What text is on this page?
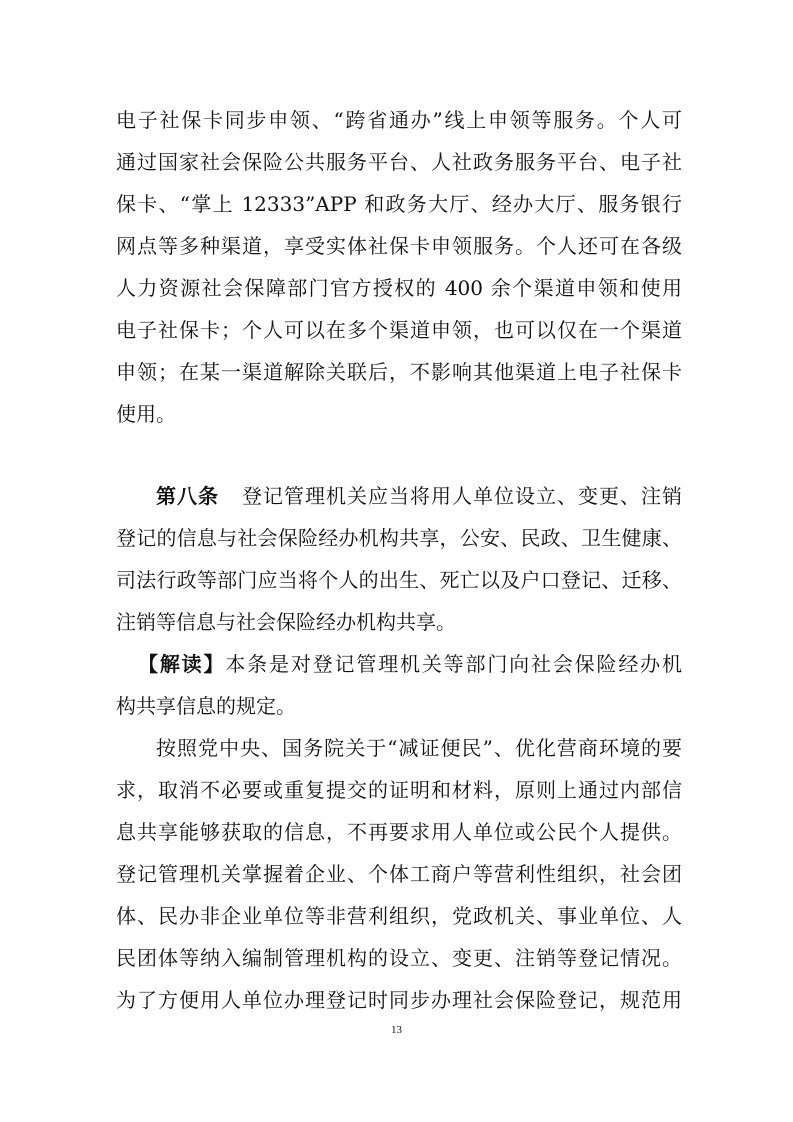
电子社保卡同步申领、“跨省通办”线上申领等服务。个人可
通过国家社会保险公共服务平台、人社政务服务平台、电子社
保卡、“掌上 12333”APP 和政务大厅、经办大厅、服务银行
网点等多种渠道，享受实体社保卡申领服务。个人还可在各级
人力资源社会保障部门官方授权的 400 余个渠道申领和使用
电子社保卡；个人可以在多个渠道申领，也可以仅在一个渠道
申领；在某一渠道解除关联后，不影响其他渠道上电子社保卡
使用。
第八条 登记管理机关应当将用人单位设立、变更、注销
登记的信息与社会保险经办机构共享，公安、民政、卫生健康、
司法行政等部门应当将个人的出生、死亡以及户口登记、迁移、
注销等信息与社会保险经办机构共享。
【解读】本条是对登记管理机关等部门向社会保险经办机
构共享信息的规定。
按照党中央、国务院关于“减证便民”、优化营商环境的要
求，取消不必要或重复提交的证明和材料，原则上通过内部信
息共享能够获取的信息，不再要求用人单位或公民个人提供。
登记管理机关掌握着企业、个体工商户等营利性组织，社会团
体、民办非企业单位等非营利组织，党政机关、事业单位、人
民团体等纳入编制管理机构的设立、变更、注销等登记情况。
为了方便用人单位办理登记时同步办理社会保险登记，规范用
13
